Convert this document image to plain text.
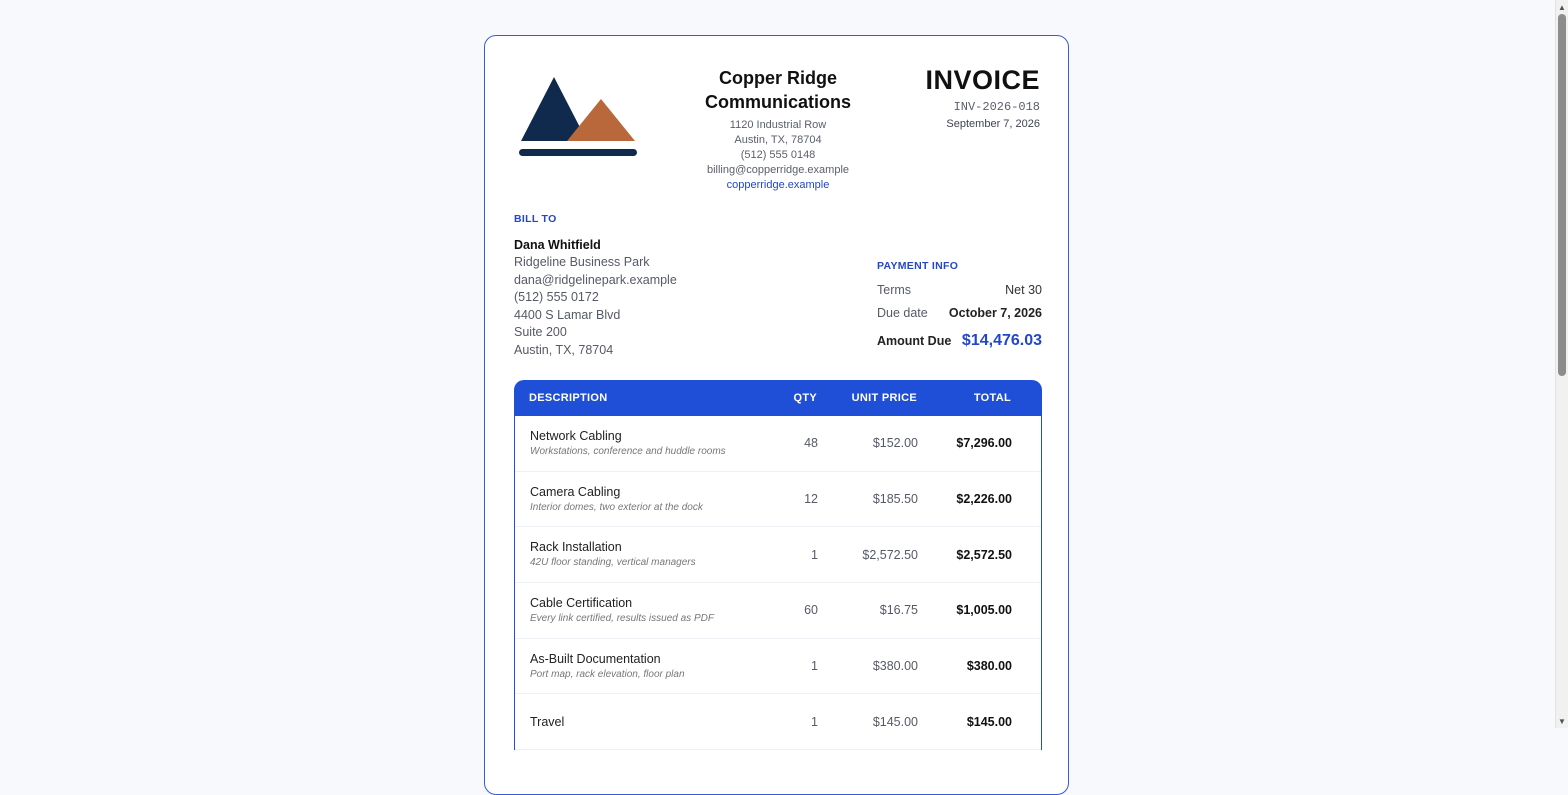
Copper Ridge Communications
1120 Industrial Row
Austin, TX, 78704
(512) 555 0148
billing@copperridge.example
copperridge.example
INVOICE
INV-2026-018
September 7, 2026
BILL TO
Dana Whitfield
Ridgeline Business Park
dana@ridgelinepark.example
(512) 555 0172
4400 S Lamar Blvd
Suite 200
Austin, TX, 78704
PAYMENT INFO
Terms	Net 30
Due date October 7, 2026
Amount Due $14,476.03
DESCRIPTION	QTY	UNIT PRICE	TOTAL
Network Cabling
Workstations, conference and huddle rooms
48	$152.00	$7,296.00
Camera Cabling
Interior domes, two exterior at the dock
12	$185.50	$2,226.00
Rack Installation
42U floor standing, vertical managers
1	$2,572.50	$2,572.50
Cable Certification
Every link certified, results issued as PDF
60	$16.75	$1,005.00
As-Built Documentation
Port map, rack elevation, floor plan
1	$380.00	$380.00
Travel	1	$145.00	$145.00
▲
▼
